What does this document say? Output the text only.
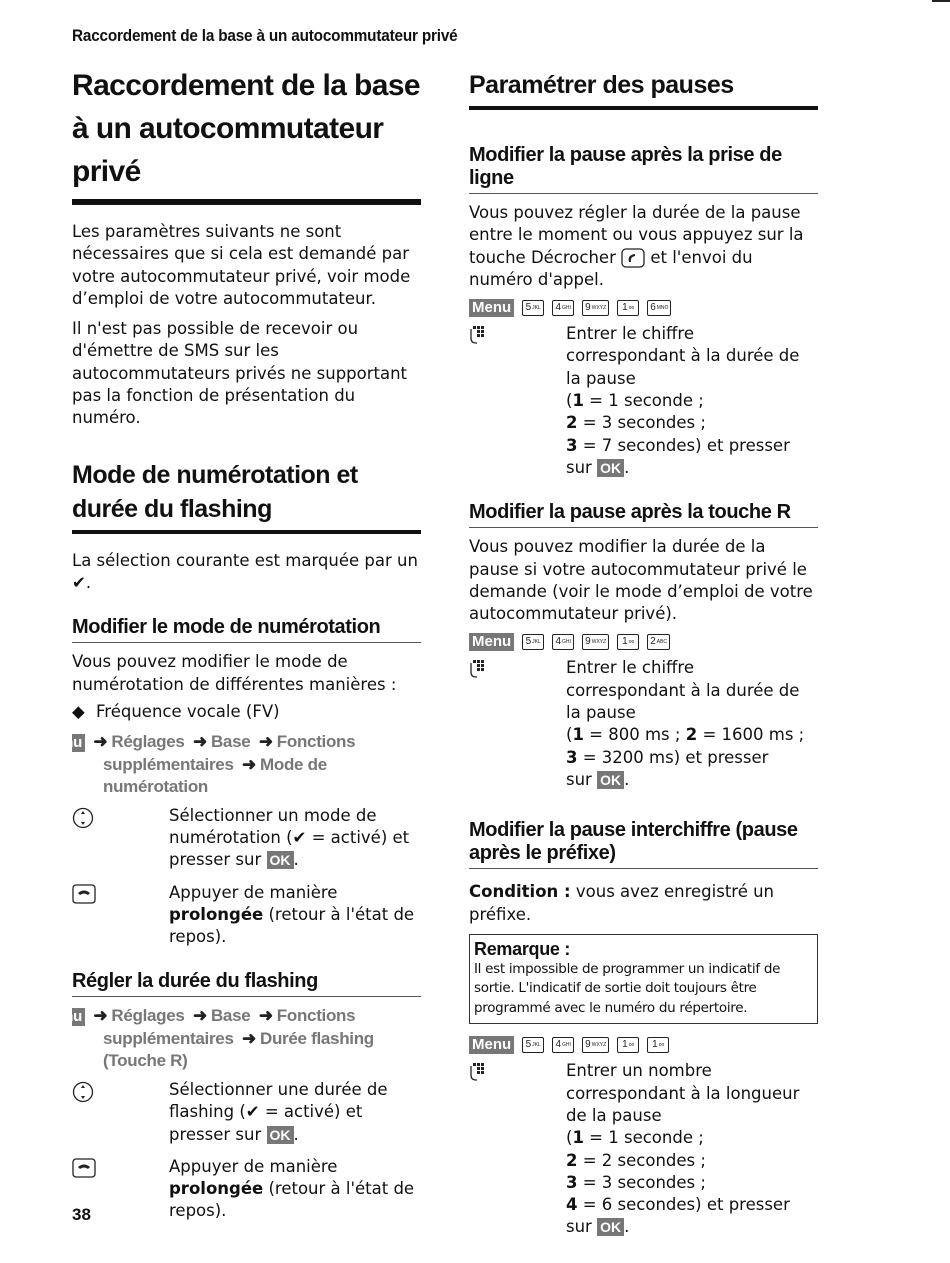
Raccordement de la base à un autocommutateur privé
Raccordement de la base à un autocommutateur privé

Les paramètres suivants ne sont nécessaires que si cela est demandé par votre autocommutateur privé, voir mode d’emploi de votre autocommutateur.

Il n'est pas possible de recevoir ou d'émettre de SMS sur les autocommutateurs privés ne supportant pas la fonction de présentation du numéro.

Mode de numérotation et durée du flashing

La sélection courante est marquée par un ✔.

Modifier le mode de numérotation

Vous pouvez modifier le mode de numérotation de différentes manières :

◆ Fréquence vocale (FV)
Menu ➜ Réglages ➜ Base ➜ Fonctions supplémentaires ➜ Mode de numérotation
Sélectionner un mode de numérotation (✔ = activé) et presser sur OK .
Appuyer de manière prolongée (retour à l'état de repos).
Régler la durée du flashing
Menu ➜ Réglages ➜ Base ➜ Fonctions supplémentaires ➜ Durée flashing (Touche R)
Sélectionner une durée de flashing (✔ = activé) et presser sur OK .
Appuyer de manière prolongée (retour à l'état de repos).
Paramétrer des pauses
Modifier la pause après la prise de ligne

Vous pouvez régler la durée de la pause entre le moment ou vous appuyez sur la touche Décrocher et l'envoi du numéro d'appel.

Menu	$5^{JKL}$	$4^{GHI}$	$9^{WXYZ}$	$1^{oo}$	$6^{MNO}$
Entrer le chiffre correspondant à la durée de la pause
(1 = 1 seconde ;
2 = 3 secondes ;
3 = 7 secondes) et presser
sur OK .
Modifier la pause après la touche R

Vous pouvez modifier la durée de la pause si votre autocommutateur privé le demande (voir le mode d’emploi de votre autocommutateur privé).

Menu	$5^{JKL}$	$4^{GHI}$	$9^{WXYZ}$	$1^{oo}$	$2^{ABC}$
Entrer le chiffre correspondant à la durée de la pause
(1 = 800 ms ; 2 = 1600 ms ;
3 = 3200 ms) et presser
sur OK .
Modifier la pause interchiffre (pause après le préfixe)

Condition : vous avez enregistré un préfixe.

Remarque :
Il est impossible de programmer un indicatif de sortie. L'indicatif de sortie doit toujours être programmé avec le numéro du répertoire.
Menu	$5^{JKL}$	$4^{GHI}$	$9^{WXYZ}$	$1^{oo}$	$1^{oo}$
Entrer un nombre correspondant à la longueur de la pause
(1 = 1 seconde ;
2 = 2 secondes ;
3 = 3 secondes ;
4 = 6 secondes) et presser
sur OK .
38
